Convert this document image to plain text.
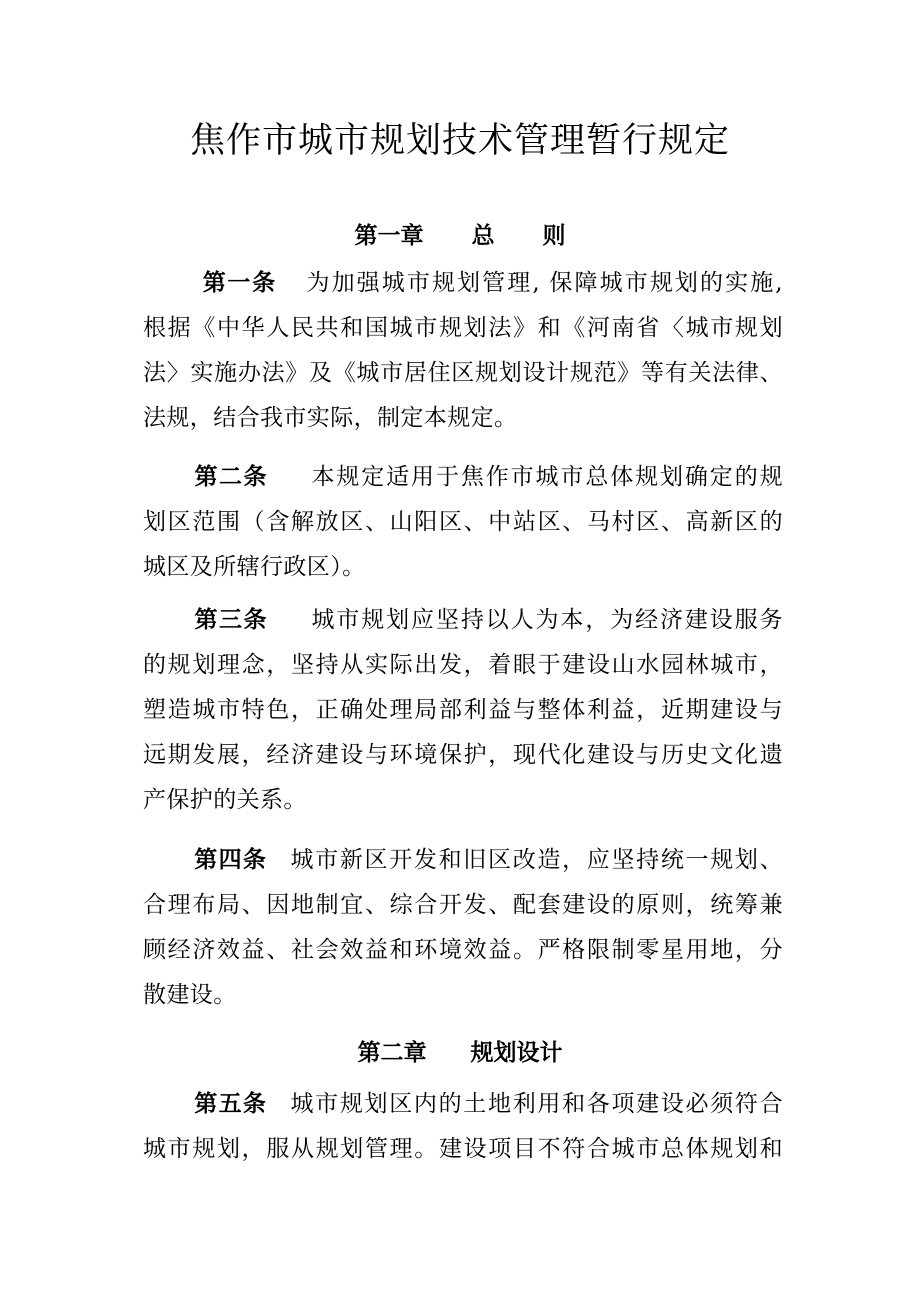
焦作市城市规划技术管理暂行规定
第一章 总 则
第一条 为加强城市规划管理, 保障城市规划的实施,
根据《中华人民共和国城市规划法》和《河南省〈城市规划
法〉实施办法》及《城市居住区规划设计规范》等有关法律、
法规，结合我市实际，制定本规定。
第二条 本规定适用于焦作市城市总体规划确定的规
划区范围（含解放区、山阳区、中站区、马村区、高新区的
城区及所辖行政区）。
第三条 城市规划应坚持以人为本，为经济建设服务
的规划理念，坚持从实际出发，着眼于建设山水园林城市，
塑造城市特色，正确处理局部利益与整体利益，近期建设与
远期发展，经济建设与环境保护，现代化建设与历史文化遗
产保护的关系。
第四条 城市新区开发和旧区改造，应坚持统一规划、
合理布局、因地制宜、综合开发、配套建设的原则，统筹兼
顾经济效益、社会效益和环境效益。严格限制零星用地，分
散建设。
第二章 规划设计
第五条 城市规划区内的土地利用和各项建设必须符合
城市规划，服从规划管理。建设项目不符合城市总体规划和
